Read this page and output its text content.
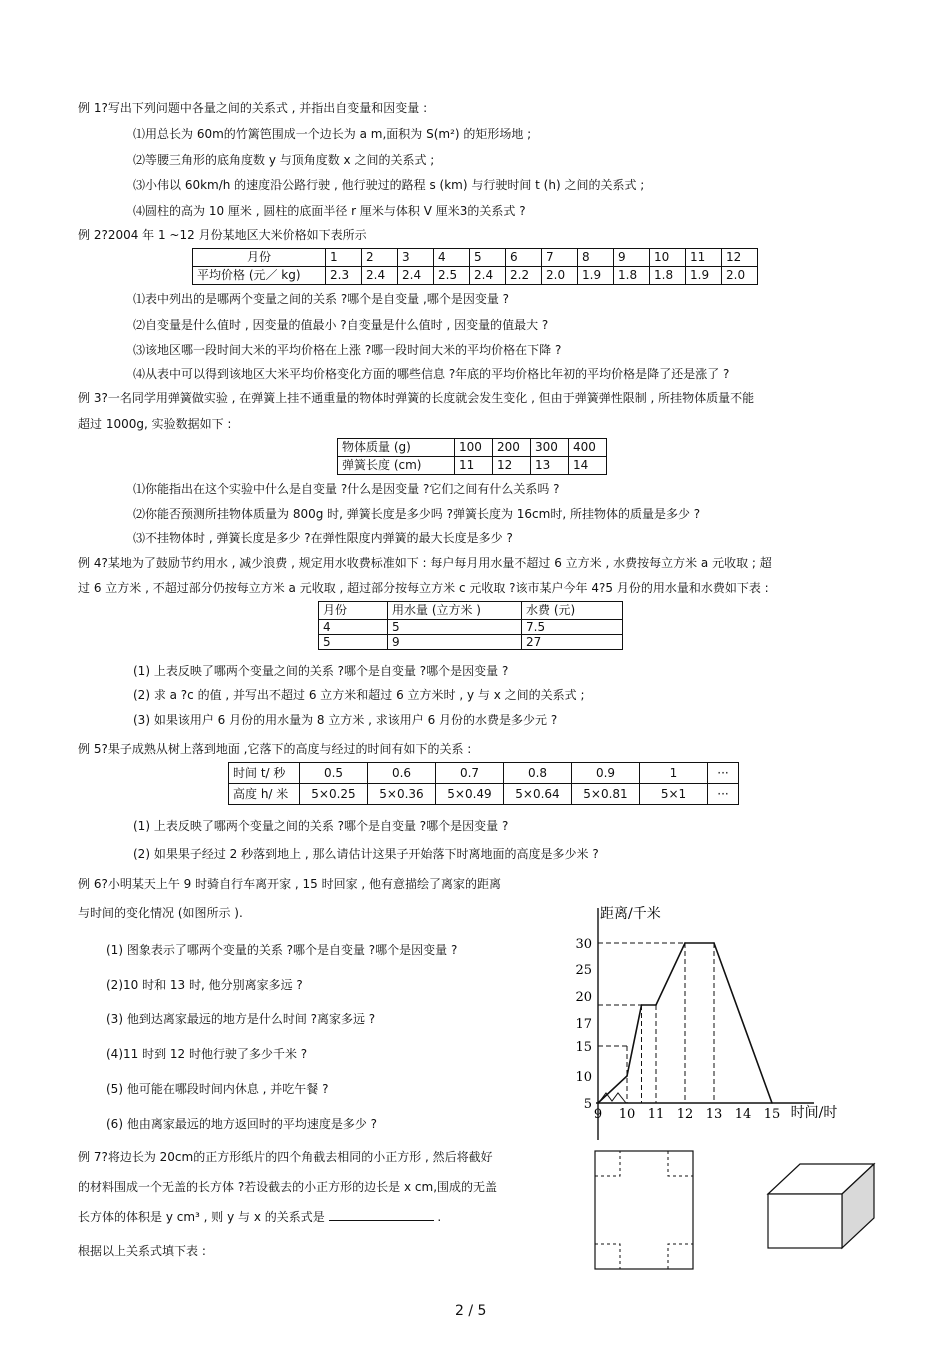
例 1?写出下列问题中各量之间的关系式 , 并指出自变量和因变量 :
⑴用总长为 60m的竹篱笆围成一个边长为 a m,面积为 S(m²) 的矩形场地 ;
⑵等腰三角形的底角度数 y 与顶角度数 x 之间的关系式 ;
⑶小伟以 60km/h 的速度沿公路行驶 , 他行驶过的路程 s (km) 与行驶时间 t (h) 之间的关系式 ;
⑷圆柱的高为 10 厘米 , 圆柱的底面半径 r 厘米与体积 V 厘米3的关系式 ?
例 2?2004 年 1 ~12 月份某地区大米价格如下表所示
月份	1	2	3	4	5	6	7	8	9	10	11	12
平均价格 (元／ kg)	2.3	2.4	2.4	2.5	2.4	2.2	2.0	1.9	1.8	1.8	1.9	2.0
⑴表中列出的是哪两个变量之间的关系 ?哪个是自变量 ,哪个是因变量 ?
⑵自变量是什么值时 , 因变量的值最小 ?自变量是什么值时 , 因变量的值最大 ?
⑶该地区哪一段时间大米的平均价格在上涨 ?哪一段时间大米的平均价格在下降 ?
⑷从表中可以得到该地区大米平均价格变化方面的哪些信息 ?年底的平均价格比年初的平均价格是降了还是涨了 ?
例 3?一名同学用弹簧做实验 , 在弹簧上挂不通重量的物体时弹簧的长度就会发生变化 , 但由于弹簧弹性限制 , 所挂物体质量不能
超过 1000g, 实验数据如下 :
物体质量 (g)	100	200	300	400
弹簧长度 (cm)	11	12	13	14
⑴你能指出在这个实验中什么是自变量 ?什么是因变量 ?它们之间有什么关系吗 ?
⑵你能否预测所挂物体质量为 800g 时, 弹簧长度是多少吗 ?弹簧长度为 16cm时, 所挂物体的质量是多少 ?
⑶不挂物体时 , 弹簧长度是多少 ?在弹性限度内弹簧的最大长度是多少 ?
例 4?某地为了鼓励节约用水 , 减少浪费 , 规定用水收费标准如下 : 每户每月用水量不超过 6 立方米 , 水费按每立方米 a 元收取 ; 超
过 6 立方米 , 不超过部分仍按每立方米 a 元收取 , 超过部分按每立方米 c 元收取 ?该市某户今年 4?5 月份的用水量和水费如下表 :
月份	用水量 (立方米 )	水费 (元)
4	5	7.5
5	9	27
(1) 上表反映了哪两个变量之间的关系 ?哪个是自变量 ?哪个是因变量 ?
(2) 求 a ?c 的值 , 并写出不超过 6 立方米和超过 6 立方米时 , y 与 x 之间的关系式 ;
(3) 如果该用户 6 月份的用水量为 8 立方米 , 求该用户 6 月份的水费是多少元 ?
例 5?果子成熟从树上落到地面 ,它落下的高度与经过的时间有如下的关系 :
时间 t/ 秒	0.5	0.6	0.7	0.8	0.9	1	···
高度 h/ 米	5×0.25	5×0.36	5×0.49	5×0.64	5×0.81	5×1	···
(1) 上表反映了哪两个变量之间的关系 ?哪个是自变量 ?哪个是因变量 ?
(2) 如果果子经过 2 秒落到地上 , 那么请估计这果子开始落下时离地面的高度是多少米 ?
例 6?小明某天上午 9 时骑自行车离开家 , 15 时回家 , 他有意描绘了离家的距离
与时间的变化情况 (如图所示 ).
(1) 图象表示了哪两个变量的关系 ?哪个是自变量 ?哪个是因变量 ?
(2)10 时和 13 时, 他分别离家多远 ?
(3) 他到达离家最远的地方是什么时间 ?离家多远 ?
(4)11 时到 12 时他行驶了多少千米 ?
(5) 他可能在哪段时间内休息 , 并吃午餐 ?
(6) 他由离家最远的地方返回时的平均速度是多少 ?
距离/千米
时间/时
5
10
15
17
20
25
30
9 10 11 12 13 14 15
例 7?将边长为 20cm的正方形纸片的四个角截去相同的小正方形 , 然后将截好
的材料围成一个无盖的长方体 ?若设截去的小正方形的边长是 x cm,围成的无盖
长方体的体积是 y cm³ , 则 y 与 x 的关系式是	.
根据以上关系式填下表 :
2 / 5
